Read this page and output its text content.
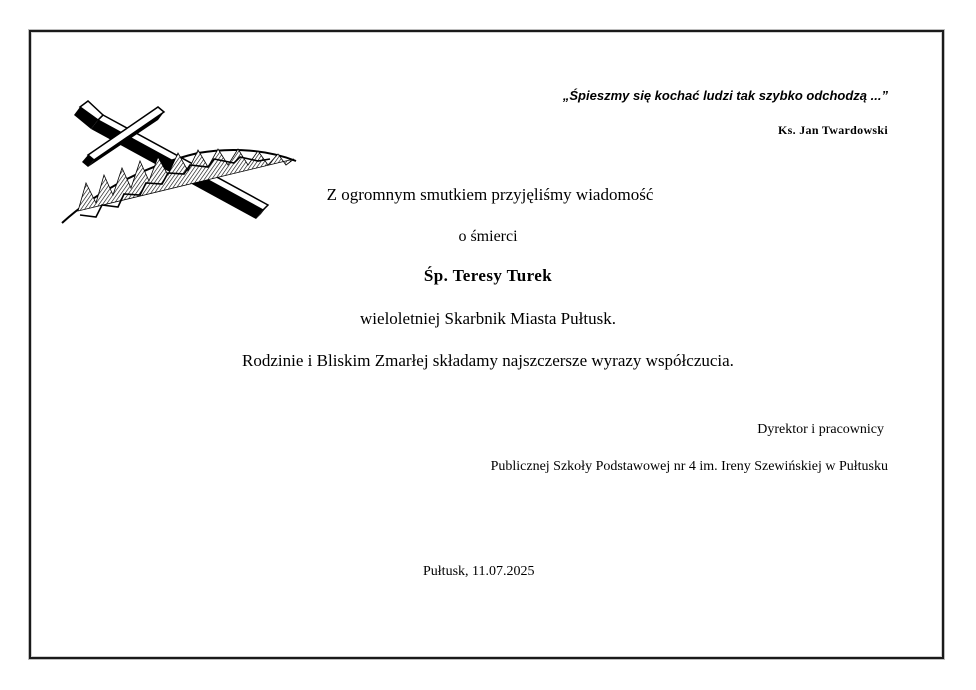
„Śpieszmy się kochać ludzi tak szybko odchodzą ...”
Ks. Jan Twardowski
Z ogromnym smutkiem przyjęliśmy wiadomość
o śmierci
Śp. Teresy Turek
wieloletniej Skarbnik Miasta Pułtusk.
Rodzinie i Bliskim Zmarłej składamy najszczersze wyrazy współczucia.
Dyrektor i pracownicy
Publicznej Szkoły Podstawowej nr 4 im. Ireny Szewińskiej w Pułtusku
Pułtusk, 11.07.2025
